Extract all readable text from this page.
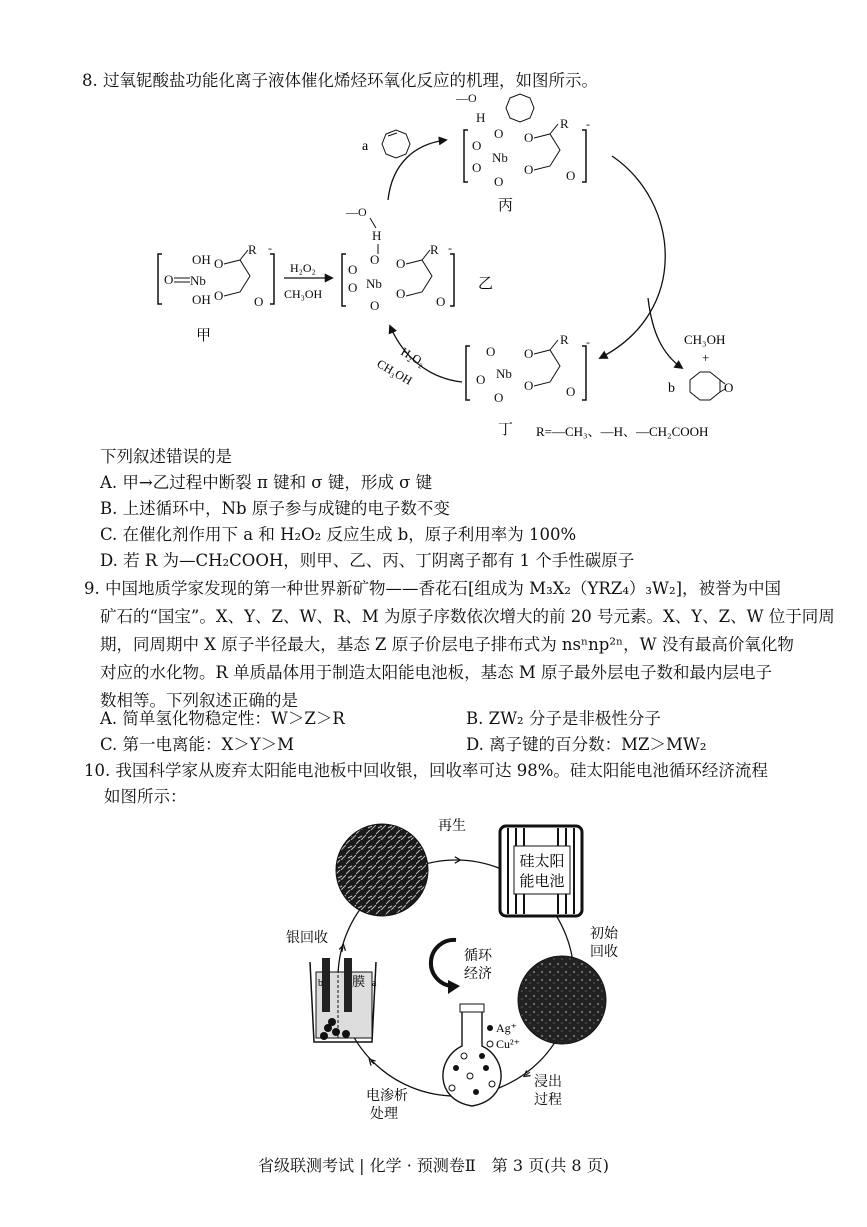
8. 过氧铌酸盐功能化离子液体催化烯烃环氧化反应的机理，如图所示。
O Nb
OH
OH
O
O
R
O
-
甲
H₂O₂
CH₃OH
—O
H
O
O
Nb
O
O
O
O
R
O
-
乙
a
—O
H
O
O
Nb
O
O
O
O
R
O
-
丙
CH₃OH
+
b	O
O
Nb
O
O
O
O
R
O
-
丁 R=—CH₃、—H、—CH₂COOH
H₂O₂
CH₃OH
下列叙述错误的是
A. 甲→乙过程中断裂 π 键和 σ 键，形成 σ 键
B. 上述循环中，Nb 原子参与成键的电子数不变
C. 在催化剂作用下 a 和 H₂O₂ 反应生成 b，原子利用率为 100%
D. 若 R 为—CH₂COOH，则甲、乙、丙、丁阴离子都有 1 个手性碳原子
9. 中国地质学家发现的第一种世界新矿物——香花石[组成为 M₃X₂（YRZ₄）₃W₂]，被誉为中国
矿石的“国宝”。X、Y、Z、W、R、M 为原子序数依次增大的前 20 号元素。X、Y、Z、W 位于同周
期，同周期中 X 原子半径最大，基态 Z 原子价层电子排布式为 nsⁿnp²ⁿ，W 没有最高价氧化物
对应的水化物。R 单质晶体用于制造太阳能电池板，基态 M 原子最外层电子数和最内层电子
数相等。下列叙述正确的是
A. 简单氢化物稳定性：W＞Z＞R	B. ZW₂ 分子是非极性分子
C. 第一电离能：X＞Y＞M	D. 离子键的百分数：MZ＞MW₂
10. 我国科学家从废弃太阳能电池板中回收银，回收率可达 98%。硅太阳能电池循环经济流程
如图所示：
硅太阳
能电池
Ag⁺
Cu²⁺
b	a
膜
循环
经济
再生
初始
回收
浸出
过程
电渗析
处理
银回收
省级联测考试 | 化学 · 预测卷Ⅱ　第 3 页(共 8 页)
